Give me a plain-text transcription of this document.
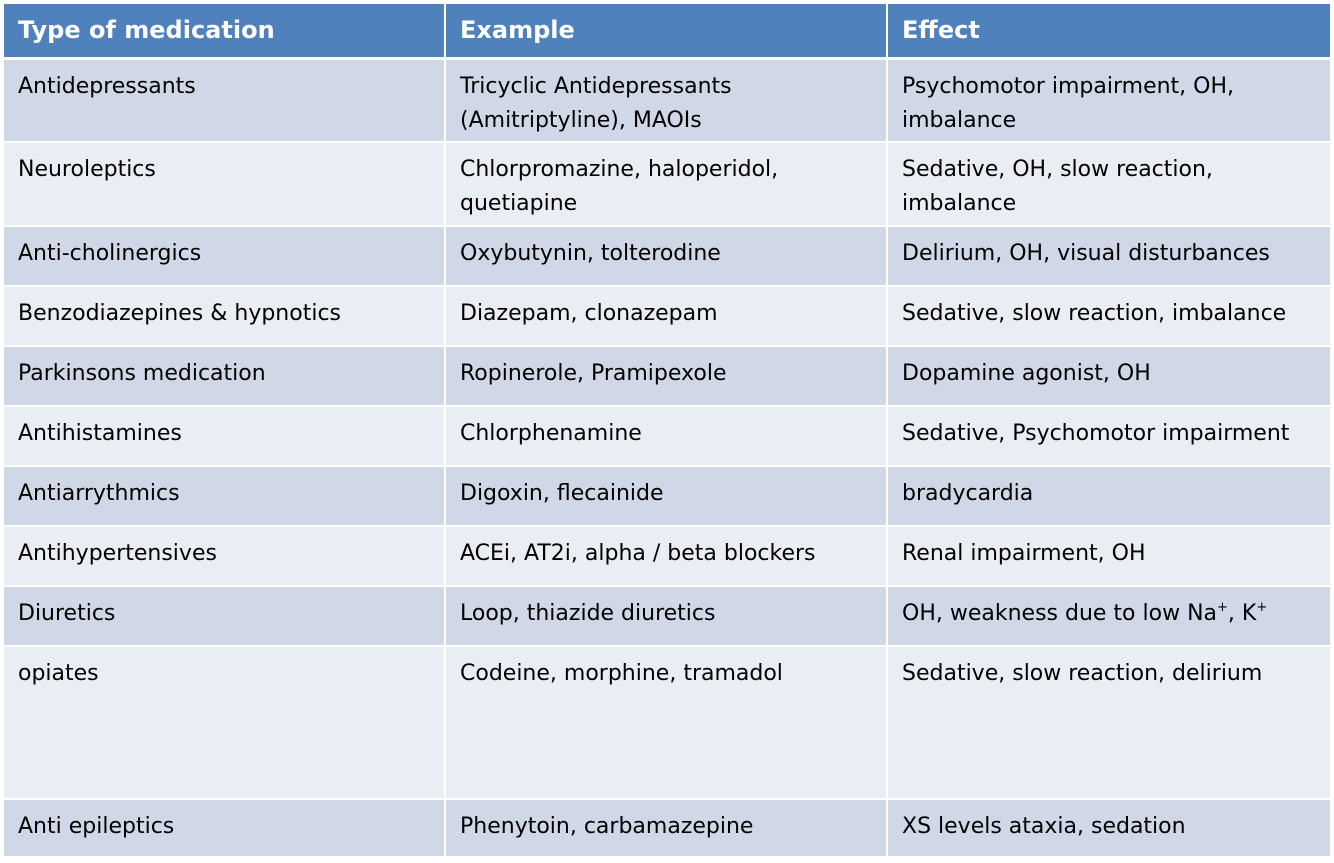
Type of medication	Example	Effect
Antidepressants	Tricyclic Antidepressants (Amitriptyline), MAOIs	Psychomotor impairment, OH, imbalance
Neuroleptics	Chlorpromazine, haloperidol, quetiapine	Sedative, OH, slow reaction, imbalance
Anti-cholinergics	Oxybutynin, tolterodine	Delirium, OH, visual disturbances
Benzodiazepines & hypnotics	Diazepam, clonazepam	Sedative, slow reaction, imbalance
Parkinsons medication	Ropinerole, Pramipexole	Dopamine agonist, OH
Antihistamines	Chlorphenamine	Sedative, Psychomotor impairment
Antiarrythmics	Digoxin, flecainide	bradycardia
Antihypertensives	ACEi, AT2i, alpha / beta blockers	Renal impairment, OH
Diuretics	Loop, thiazide diuretics	OH, weakness due to low Na+, K+
opiates	Codeine, morphine, tramadol	Sedative, slow reaction, delirium
Anti epileptics	Phenytoin, carbamazepine	XS levels ataxia, sedation
